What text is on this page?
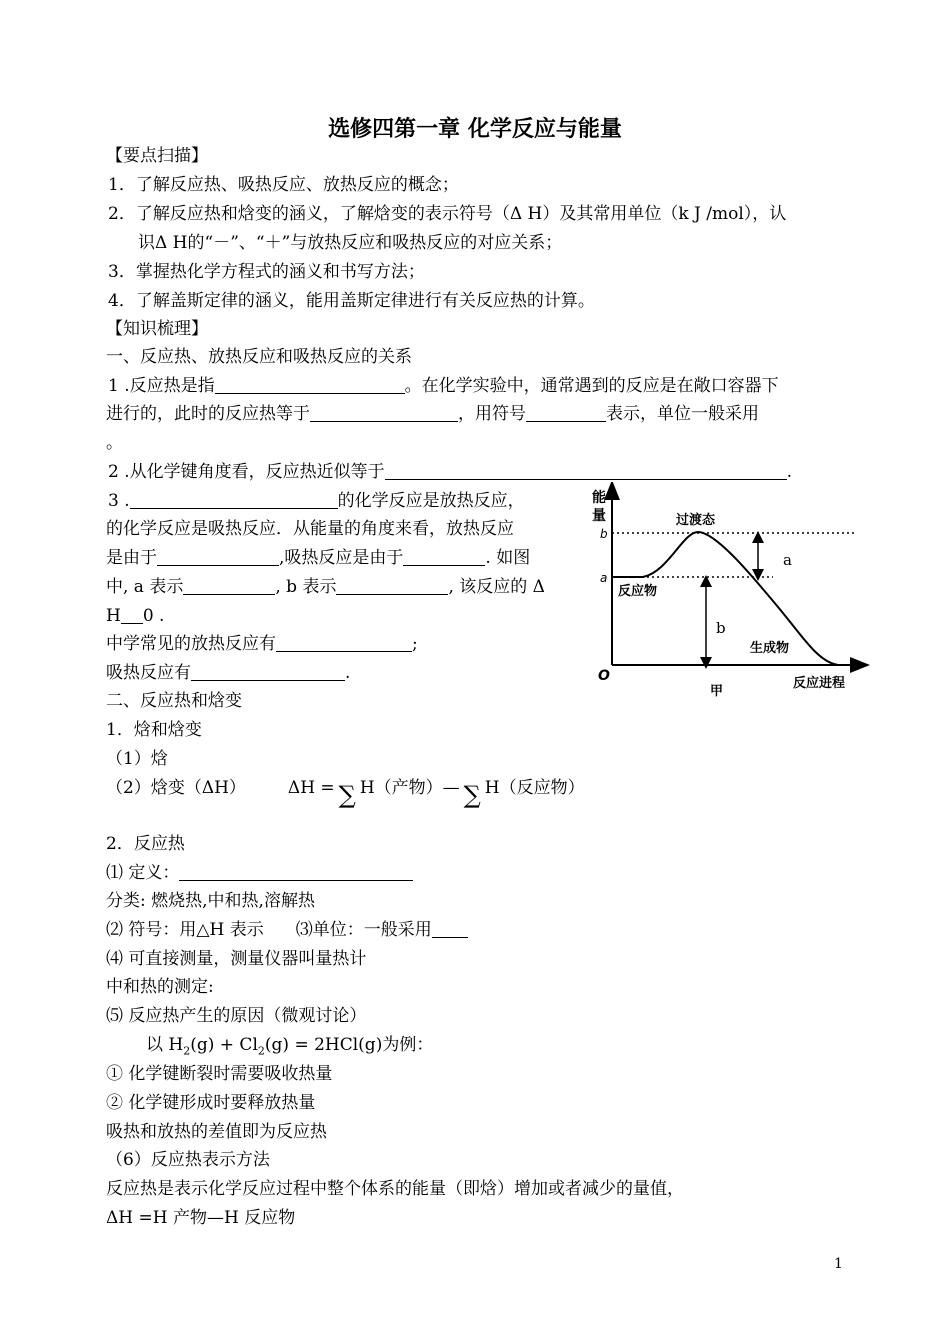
选修四第一章 化学反应与能量
【要点扫描】
1．了解反应热、吸热反应、放热反应的概念；
2．了解反应热和焓变的涵义，了解焓变的表示符号（Δ H）及其常用单位（k J /mol），认
识Δ H的“－”、“＋”与放热反应和吸热反应的对应关系；
3．掌握热化学方程式的涵义和书写方法；
4．了解盖斯定律的涵义，能用盖斯定律进行有关反应热的计算。
【知识梳理】
一、反应热、放热反应和吸热反应的关系
1 .反应热是指	。在化学实验中，通常遇到的反应是在敞口容器下
进行的，此时的反应热等于	，用符号	表示，单位一般采用
。
2 .从化学键角度看，反应热近似等于	.
3 .	的化学反应是放热反应，
的化学反应是吸热反应．从能量的角度来看，放热反应
是由于	,吸热反应是由于	. 如图
中, a 表示	, b 表示	, 该反应的 Δ
H 0 .
中学常见的放热反应有	;
吸热反应有	.
二、反应热和焓变
1．焓和焓变
（1）焓
（2）焓变（ΔH） ΔH = ∑ H（产物）— ∑ H（反应物）
2．反应热
⑴ 定义：
分类: 燃烧热,中和热,溶解热
⑵ 符号：用△H 表示 ⑶单位：一般采用
⑷ 可直接测量，测量仪器叫量热计
中和热的测定:
⑸ 反应热产生的原因（微观讨论）
以 $H_2(g) + Cl_2(g) = 2HCl(g)$为例：
① 化学键断裂时需要吸收热量
② 化学键形成时要释放热量
吸热和放热的差值即为反应热
（6）反应热表示方法
反应热是表示化学反应过程中整个体系的能量（即焓）增加或者减少的量值，
ΔH =H 产物—H 反应物
1
能
量
b
a
过渡态
反应物
生成物
a
b
O
甲
反应进程
